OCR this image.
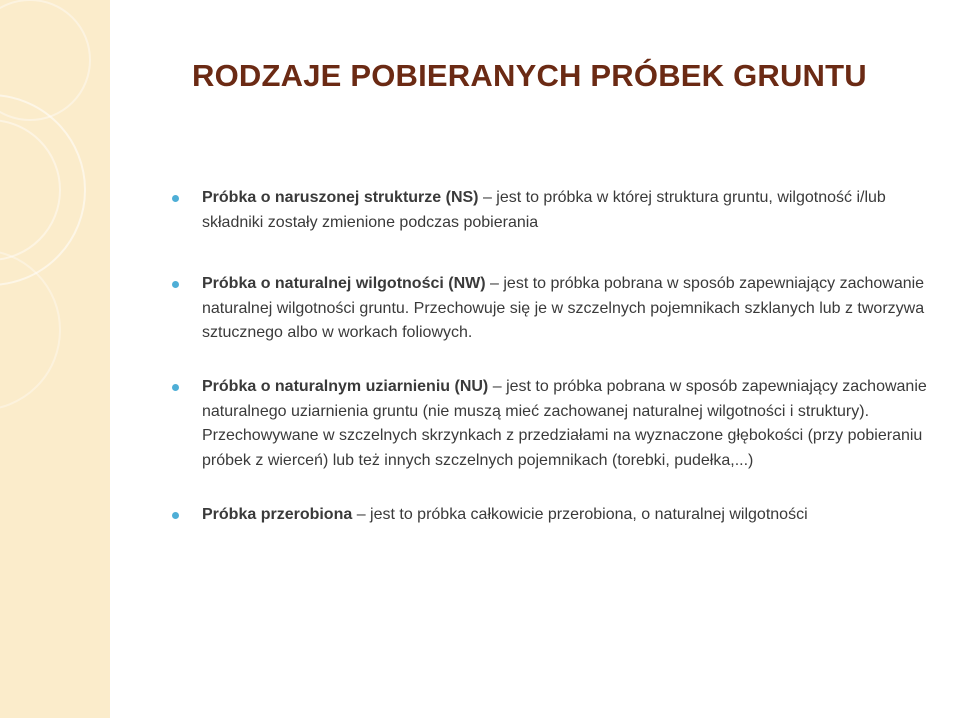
RODZAJE POBIERANYCH PRÓBEK GRUNTU
Próbka o naruszonej strukturze (NS) – jest to próbka w której struktura gruntu, wilgotność i/lub składniki zostały zmienione podczas pobierania
Próbka o naturalnej wilgotności (NW) – jest to próbka pobrana w sposób zapewniający zachowanie naturalnej wilgotności gruntu. Przechowuje się je w szczelnych pojemnikach szklanych lub z tworzywa sztucznego albo w workach foliowych.
Próbka o naturalnym uziarnieniu (NU) – jest to próbka pobrana w sposób zapewniający zachowanie naturalnego uziarnienia gruntu (nie muszą mieć zachowanej naturalnej wilgotności i struktury). Przechowywane w szczelnych skrzynkach z przedziałami na wyznaczone głębokości (przy pobieraniu próbek z wierceń) lub też innych szczelnych pojemnikach (torebki, pudełka,...)
Próbka przerobiona – jest to próbka całkowicie przerobiona, o naturalnej wilgotności
